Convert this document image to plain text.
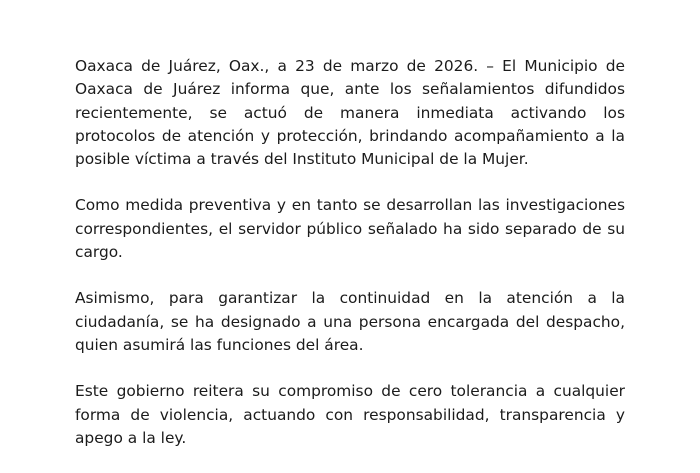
Oaxaca de Juárez, Oax., a 23 de marzo de 2026. – El Municipio de Oaxaca de Juárez informa que, ante los señalamientos difundidos recientemente, se actuó de manera inmediata activando los protocolos de atención y protección, brindando acompañamiento a la posible víctima a través del Instituto Municipal de la Mujer.

Como medida preventiva y en tanto se desarrollan las investigaciones correspondientes, el servidor público señalado ha sido separado de su cargo.

Asimismo, para garantizar la continuidad en la atención a la ciudadanía, se ha designado a una persona encargada del despacho, quien asumirá las funciones del área.

Este gobierno reitera su compromiso de cero tolerancia a cualquier forma de violencia, actuando con responsabilidad, transparencia y apego a la ley.
